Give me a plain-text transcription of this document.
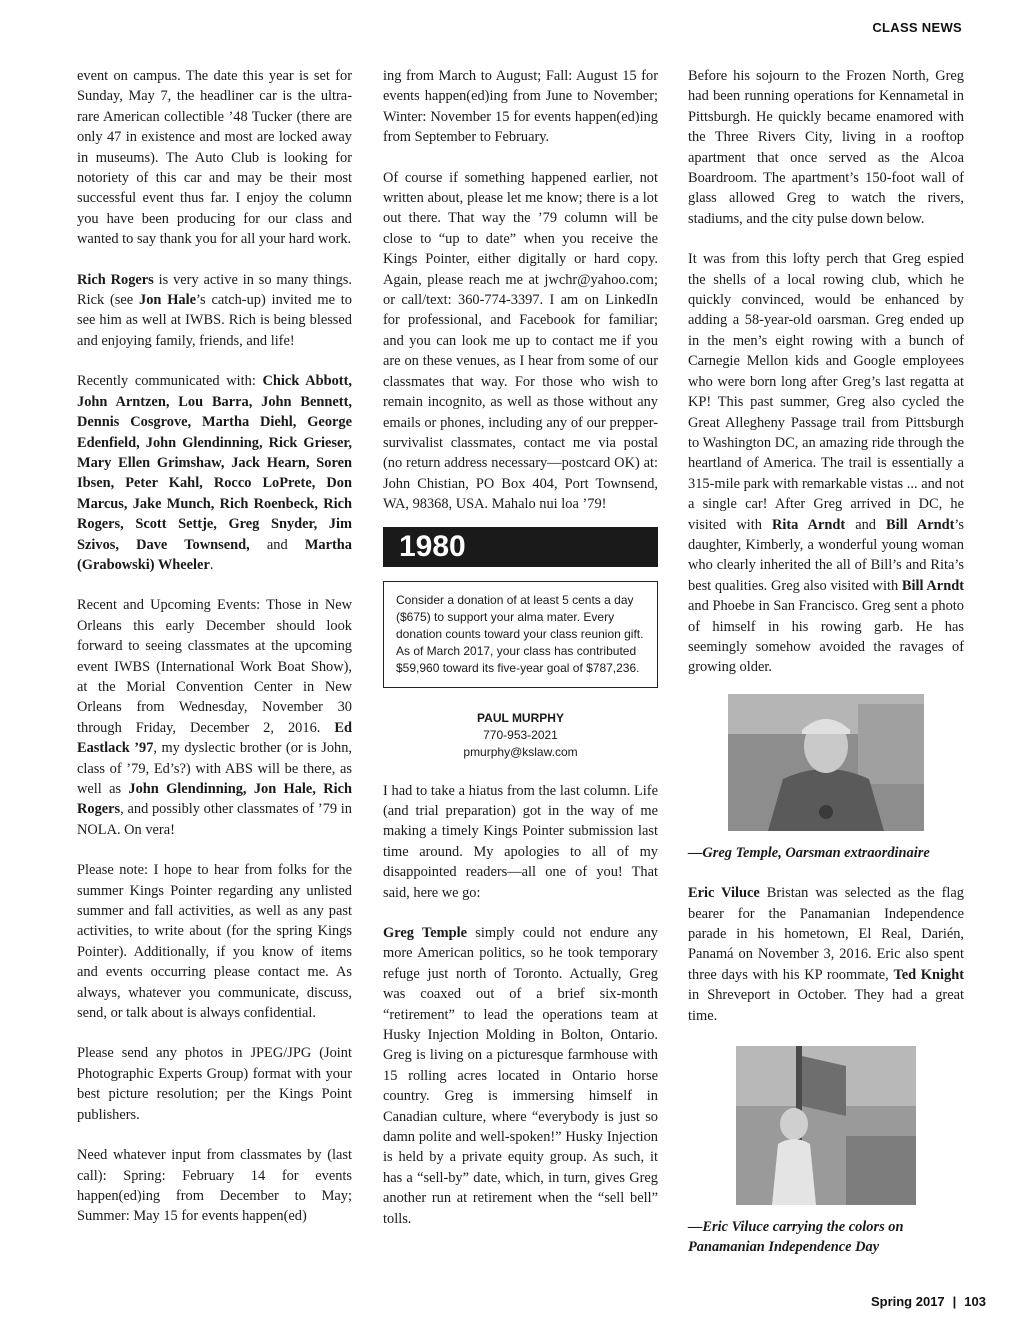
CLASS NEWS

event on campus. The date this year is set for Sunday, May 7, the headliner car is the ultra-rare American collectible ’48 Tucker (there are only 47 in existence and most are locked away in museums). The Auto Club is looking for notoriety of this car and may be their most successful event thus far. I enjoy the column you have been producing for our class and wanted to say thank you for all your hard work.

Rich Rogers is very active in so many things. Rick (see Jon Hale’s catch-up) invited me to see him as well at IWBS. Rich is being blessed and enjoying family, friends, and life!

Recently communicated with: Chick Abbott, John Arntzen, Lou Barra, John Bennett, Dennis Cosgrove, Martha Diehl, George Edenfield, John Glendinning, Rick Grieser, Mary Ellen Grimshaw, Jack Hearn, Soren Ibsen, Peter Kahl, Rocco LoPrete, Don Marcus, Jake Munch, Rich Roenbeck, Rich Rogers, Scott Settje, Greg Snyder, Jim Szivos, Dave Townsend, and Martha (Grabowski) Wheeler.

Recent and Upcoming Events: Those in New Orleans this early December should look forward to seeing classmates at the upcoming event IWBS (International Work Boat Show), at the Morial Convention Center in New Orleans from Wednesday, November 30 through Friday, December 2, 2016. Ed Eastlack ’97, my dyslectic brother (or is John, class of ’79, Ed’s?) with ABS will be there, as well as John Glendinning, Jon Hale, Rich Rogers, and possibly other classmates of ’79 in NOLA. On vera!

Please note: I hope to hear from folks for the summer Kings Pointer regarding any unlisted summer and fall activities, as well as any past activities, to write about (for the spring Kings Pointer). Additionally, if you know of items and events occurring please contact me. As always, whatever you communicate, discuss, send, or talk about is always confidential.

Please send any photos in JPEG/JPG (Joint Photographic Experts Group) format with your best picture resolution; per the Kings Point publishers.

Need whatever input from classmates by (last call): Spring: February 14 for events happen(ed)ing from December to May; Summer: May 15 for events happen(ed)

ing from March to August; Fall: August 15 for events happen(ed)ing from June to November; Winter: November 15 for events happen(ed)ing from September to February.

Of course if something happened earlier, not written about, please let me know; there is a lot out there. That way the ’79 column will be close to “up to date” when you receive the Kings Pointer, either digitally or hard copy. Again, please reach me at jwchr@yahoo.com; or call/text: 360-774-3397. I am on LinkedIn for professional, and Facebook for familiar; and you can look me up to contact me if you are on these venues, as I hear from some of our classmates that way. For those who wish to remain incognito, as well as those without any emails or phones, including any of our prepper-survivalist classmates, contact me via postal (no return address necessary—postcard OK) at: John Chistian, PO Box 404, Port Townsend, WA, 98368, USA. Mahalo nui loa ’79!

1980
Consider a donation of at least 5 cents a day ($675) to support your alma mater. Every donation counts toward your class reunion gift. As of March 2017, your class has contributed $59,960 toward its five-year goal of $787,236.
PAUL MURPHY
770-953-2021
pmurphy@kslaw.com

I had to take a hiatus from the last column. Life (and trial preparation) got in the way of me making a timely Kings Pointer submission last time around. My apologies to all of my disappointed readers—all one of you! That said, here we go:

Greg Temple simply could not endure any more American politics, so he took temporary refuge just north of Toronto. Actually, Greg was coaxed out of a brief six-month “retirement” to lead the operations team at Husky Injection Molding in Bolton, Ontario. Greg is living on a picturesque farmhouse with 15 rolling acres located in Ontario horse country. Greg is immersing himself in Canadian culture, where “everybody is just so damn polite and well-spoken!” Husky Injection is held by a private equity group. As such, it has a “sell-by” date, which, in turn, gives Greg another run at retirement when the “sell bell” tolls.

Before his sojourn to the Frozen North, Greg had been running operations for Kennametal in Pittsburgh. He quickly became enamored with the Three Rivers City, living in a rooftop apartment that once served as the Alcoa Boardroom. The apartment’s 150-foot wall of glass allowed Greg to watch the rivers, stadiums, and the city pulse down below.

It was from this lofty perch that Greg espied the shells of a local rowing club, which he quickly convinced, would be enhanced by adding a 58-year-old oarsman. Greg ended up in the men’s eight rowing with a bunch of Carnegie Mellon kids and Google employees who were born long after Greg’s last regatta at KP! This past summer, Greg also cycled the Great Allegheny Passage trail from Pittsburgh to Washington DC, an amazing ride through the heartland of America. The trail is essentially a 315-mile park with remarkable vistas ... and not a single car! After Greg arrived in DC, he visited with Rita Arndt and Bill Arndt’s daughter, Kimberly, a wonderful young woman who clearly inherited the all of Bill’s and Rita’s best qualities. Greg also visited with Bill Arndt and Phoebe in San Francisco. Greg sent a photo of himself in his rowing garb. He has seemingly somehow avoided the ravages of growing older.

—Greg Temple, Oarsman extraordinaire

Eric Viluce Bristan was selected as the flag bearer for the Panamanian Independence parade in his hometown, El Real, Darién, Panamá on November 3, 2016. Eric also spent three days with his KP roommate, Ted Knight in Shreveport in October. They had a great time.

—Eric Viluce carrying the colors on Panamanian Independence Day

Spring 2017 | 103
